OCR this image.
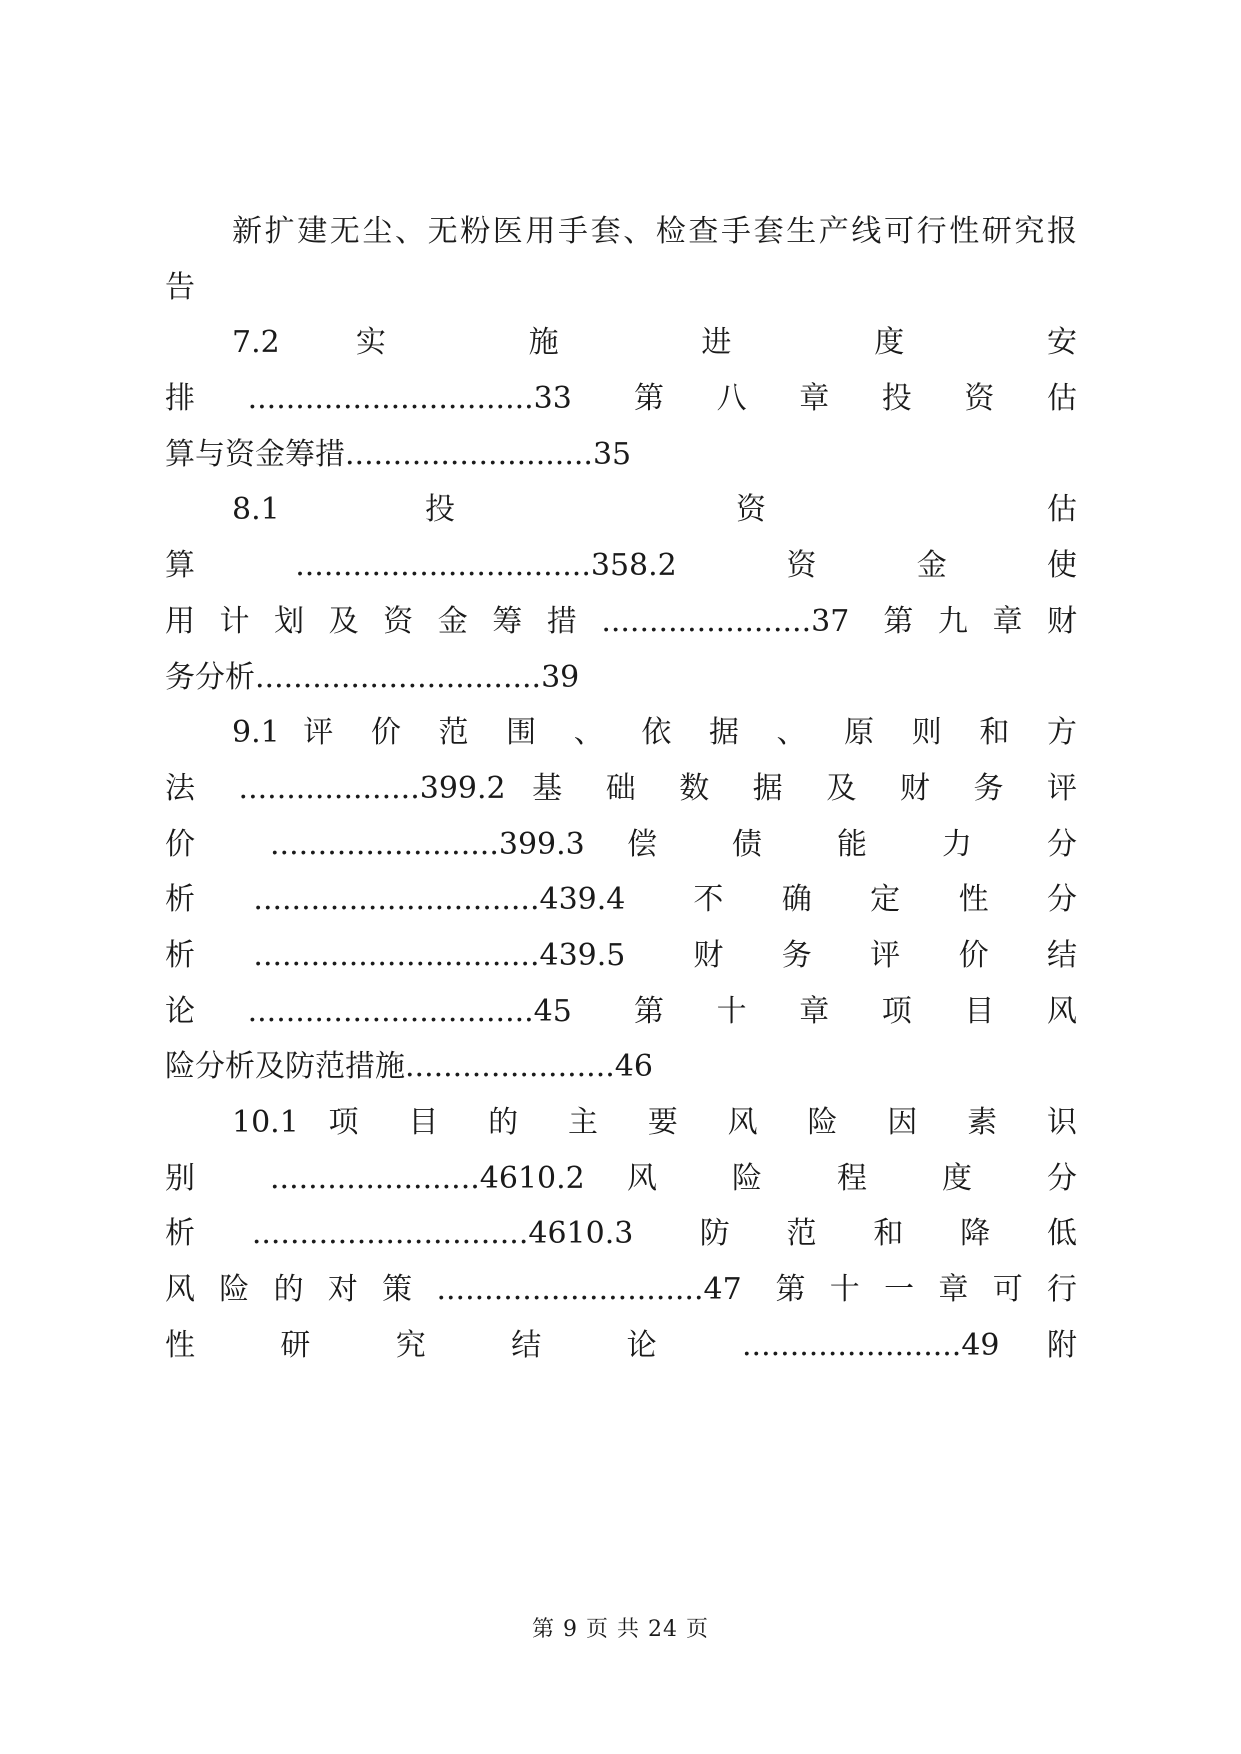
新扩建无尘、无粉医用手套、检查手套生产线可行性研究报
告
7.2 实 施 进 度 安
排..............................33 第八章投资估
算与资金筹措..........................35
8.1 投 资 估
算...............................358.2 资金使
用计划及资金筹措......................37 第九章财
务分析..............................39
9.1 评 价 范 围 、 依 据 、 原 则 和 方
法 ...................399.2 基 础 数 据 及 财 务 评
价 ........................399.3 偿 债 能 力 分
析..............................439.4 不确定性分
析..............................439.5 财务评价结
论..............................45 第十章项目风
险分析及防范措施......................46
10.1 项 目 的 主 要 风 险 因 素 识
别 ......................4610.2 风 险 程 度 分
析.............................4610.3 防范和降低
风险的对策............................47 第十一章可行
性 研 究 结 论 .......................49 附
第 9 页 共 24 页
